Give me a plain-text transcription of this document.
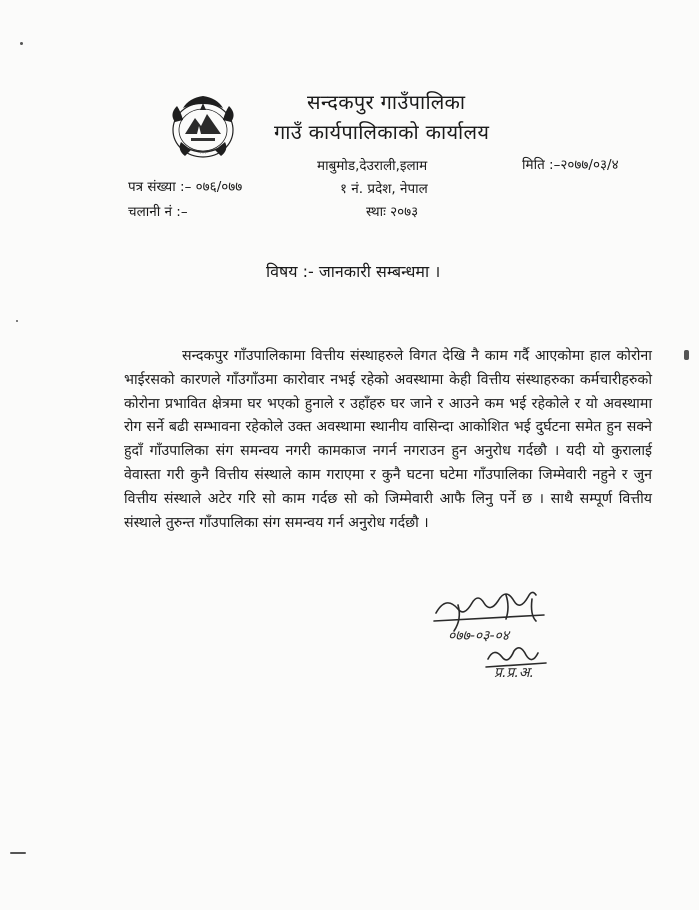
. . .
सन्दकपुर गाउँपालिका
गाउँ कार्यपालिकाको कार्यालय
माबुमोड,देउराली,इलाम
१ नं. प्रदेश, नेपाल
स्थाः २०७३
मिति :–२०७७/०३/४
पत्र संख्या :– ०७६/०७७
चलानी नं :–
विषय :- जानकारी सम्बन्धमा ।

सन्दकपुर गाँउपालिकामा वित्तीय संस्थाहरुले विगत देखि नै काम गर्दै आएकोमा हाल कोरोना भाईरसको कारणले गाँउगाँउमा कारोवार नभई रहेको अवस्थामा केही वित्तीय संस्थाहरुका कर्मचारीहरुको कोरोना प्रभावित क्षेत्रमा घर भएको हुनाले र उहाँहरु घर जाने र आउने कम भई रहेकोले र यो अवस्थामा रोग सर्ने बढी सम्भावना रहेकोले उक्त अवस्थामा स्थानीय वासिन्दा आकोशित भई दुर्घटना समेत हुन सक्ने हुदाँ गाँउपालिका संग समन्वय नगरी कामकाज नगर्न नगराउन हुन अनुरोध गर्दछौ । यदी यो कुरालाई वेवास्ता गरी कुनै वित्तीय संस्थाले काम गराएमा र कुनै घटना घटेमा गाँउपालिका जिम्मेवारी नहुने र जुन वित्तीय संस्थाले अटेर गरि सो काम गर्दछ सो को जिम्मेवारी आफै लिनु पर्ने छ । साथै सम्पूर्ण वित्तीय संस्थाले तुरुन्त गाँउपालिका संग समन्वय गर्न अनुरोध गर्दछौ ।

०७७-०३-०४
प्र.प्र.अ.
